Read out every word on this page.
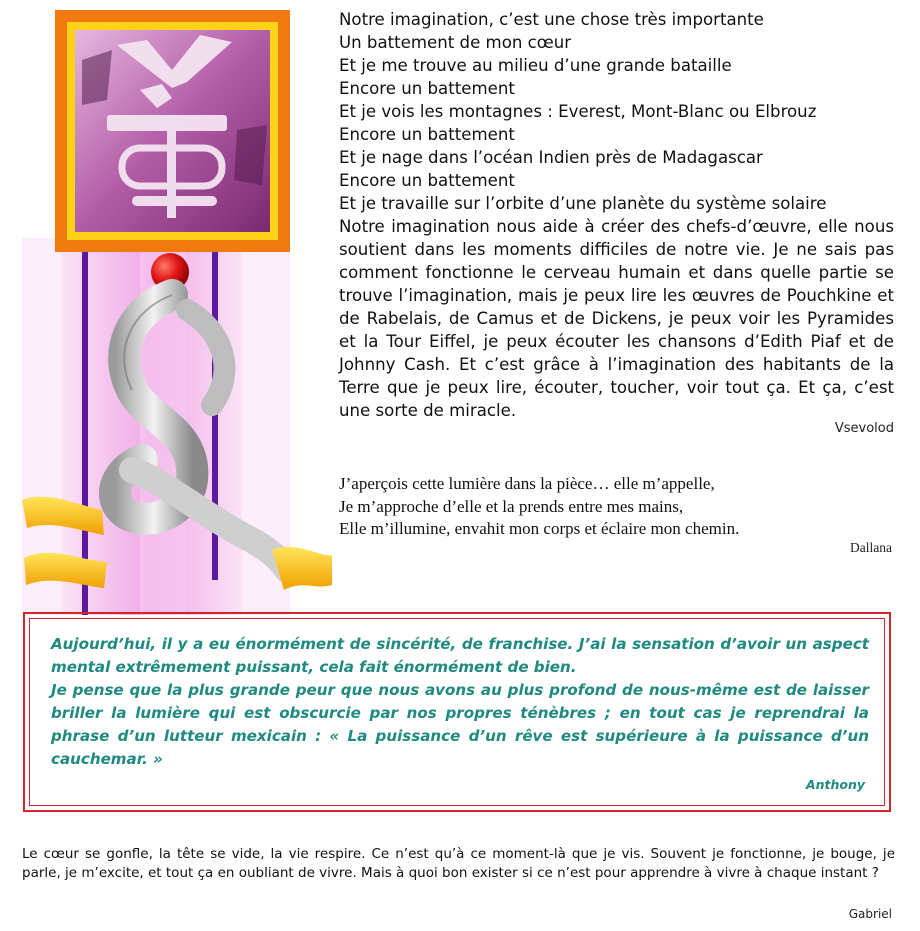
Notre imagination, c’est une chose très importante
Un battement de mon cœur
Et je me trouve au milieu d’une grande bataille
Encore un battement
Et je vois les montagnes : Everest, Mont-Blanc ou Elbrouz
Encore un battement
Et je nage dans l’océan Indien près de Madagascar
Encore un battement
Et je travaille sur l’orbite d’une planète du système solaire
Notre imagination nous aide à créer des chefs-d’œuvre, elle nous soutient dans les moments difficiles de notre vie. Je ne sais pas comment fonctionne le cerveau humain et dans quelle partie se trouve l’imagination, mais je peux lire les œuvres de Pouchkine et de Rabelais, de Camus et de Dickens, je peux voir les Pyramides et la Tour Eiffel, je peux écouter les chansons d’Edith Piaf et de Johnny Cash. Et c’est grâce à l’imagination des habitants de la Terre que je peux lire, écouter, toucher, voir tout ça. Et ça, c’est une sorte de miracle.
Vsevolod
J’aperçois cette lumière dans la pièce… elle m’appelle,
Je m’approche d’elle et la prends entre mes mains,
Elle m’illumine, envahit mon corps et éclaire mon chemin.
Dallana

Aujourd’hui, il y a eu énormément de sincérité, de franchise. J’ai la sensation d’avoir un aspect mental extrêmement puissant, cela fait énormément de bien.

Je pense que la plus grande peur que nous avons au plus profond de nous-même est de laisser briller la lumière qui est obscurcie par nos propres ténèbres ; en tout cas je reprendrai la phrase d’un lutteur mexicain : « La puissance d’un rêve est supérieure à la puissance d’un cauchemar. »

Anthony
Le cœur se gonfle, la tête se vide, la vie respire. Ce n’est qu’à ce moment-là que je vis. Souvent je fonctionne, je bouge, je parle, je m’excite, et tout ça en oubliant de vivre. Mais à quoi bon exister si ce n’est pour apprendre à vivre à chaque instant ?
Gabriel
